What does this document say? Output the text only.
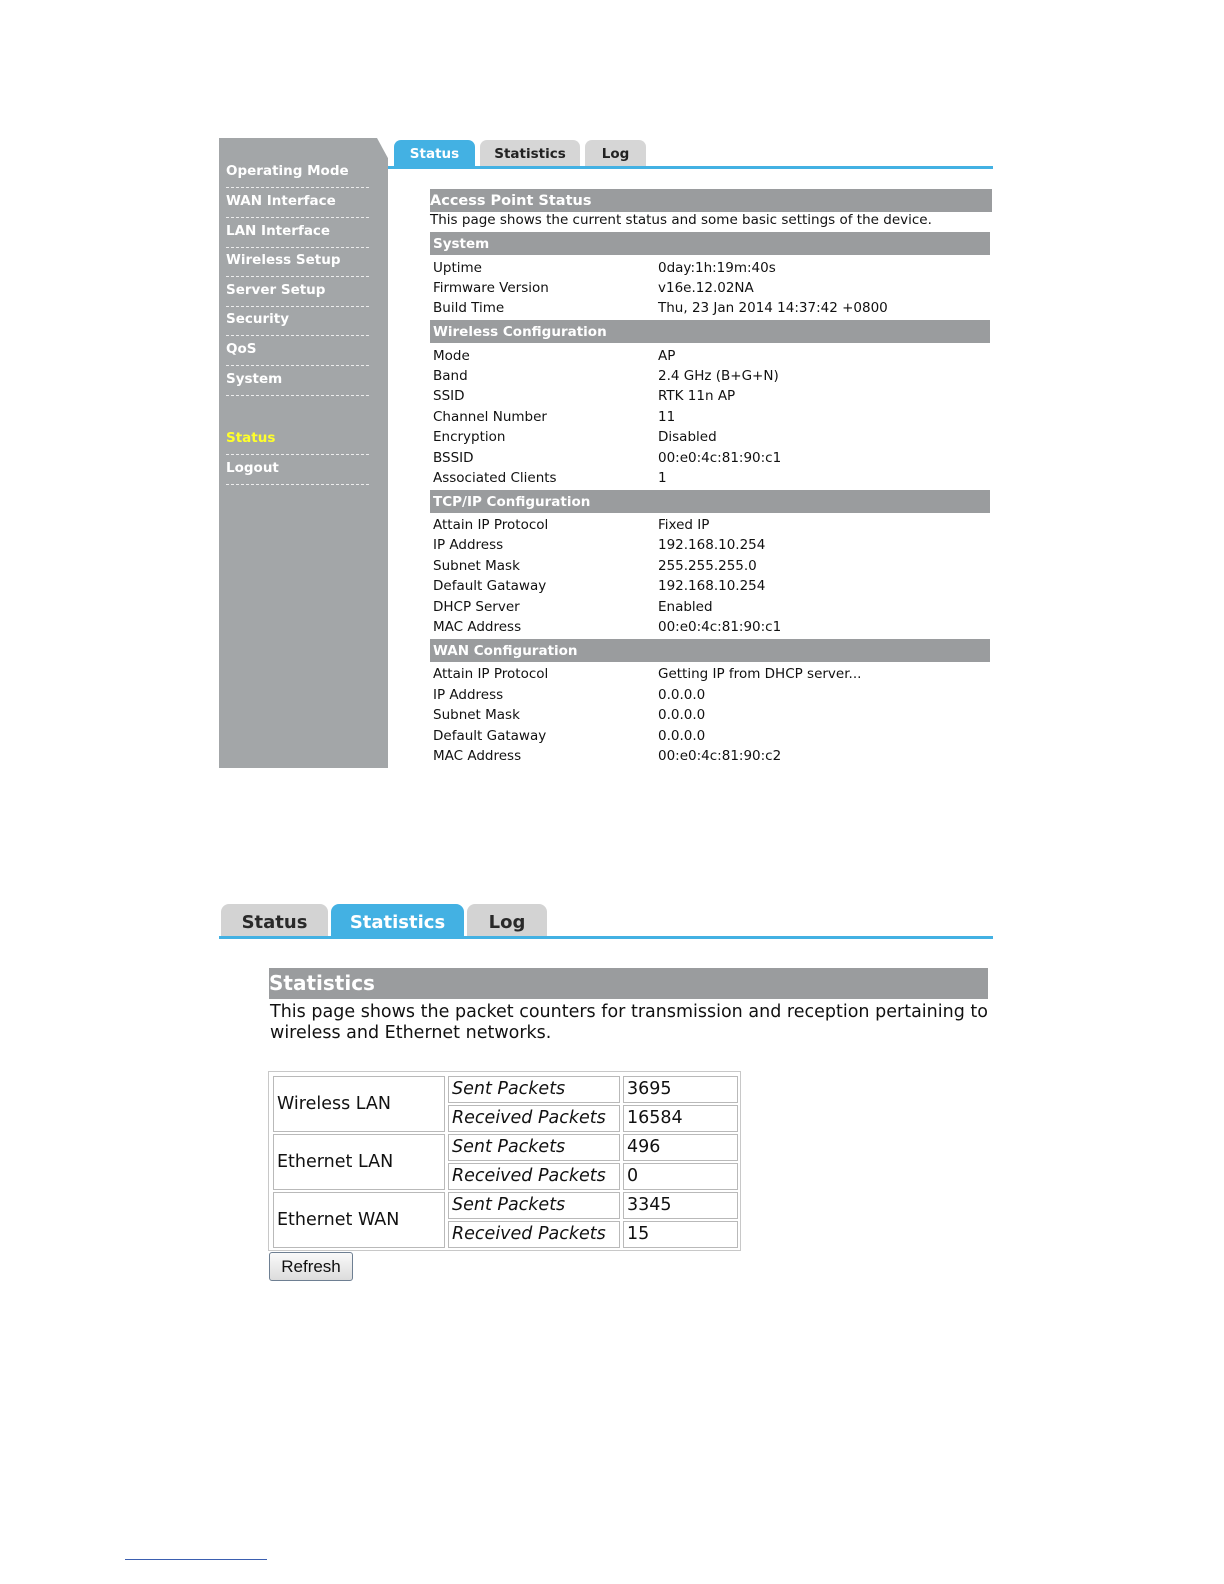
Operating Mode
WAN Interface
LAN Interface
Wireless Setup
Server Setup
Security
QoS
System
Status
Logout
Status	Statistics	Log
Access Point Status
This page shows the current status and some basic settings of the device.
System
Uptime	0day:1h:19m:40s
Firmware Version	v16e.12.02NA
Build Time	Thu, 23 Jan 2014 14:37:42 +0800
Wireless Configuration
Mode	AP
Band	2.4 GHz (B+G+N)
SSID	RTK 11n AP
Channel Number	11
Encryption	Disabled
BSSID	00:e0:4c:81:90:c1
Associated Clients	1
TCP/IP Configuration
Attain IP Protocol	Fixed IP
IP Address	192.168.10.254
Subnet Mask	255.255.255.0
Default Gataway	192.168.10.254
DHCP Server	Enabled
MAC Address	00:e0:4c:81:90:c1
WAN Configuration
Attain IP Protocol	Getting IP from DHCP server...
IP Address	0.0.0.0
Subnet Mask	0.0.0.0
Default Gataway	0.0.0.0
MAC Address	00:e0:4c:81:90:c2
Status	Statistics	Log
Statistics
This page shows the packet counters for transmission and reception pertaining to wireless and Ethernet networks.
Wireless LAN
Sent Packets	3695
Received Packets	16584
Ethernet LAN
Sent Packets	496
Received Packets	0
Ethernet WAN
Sent Packets	3345
Received Packets	15
Refresh
